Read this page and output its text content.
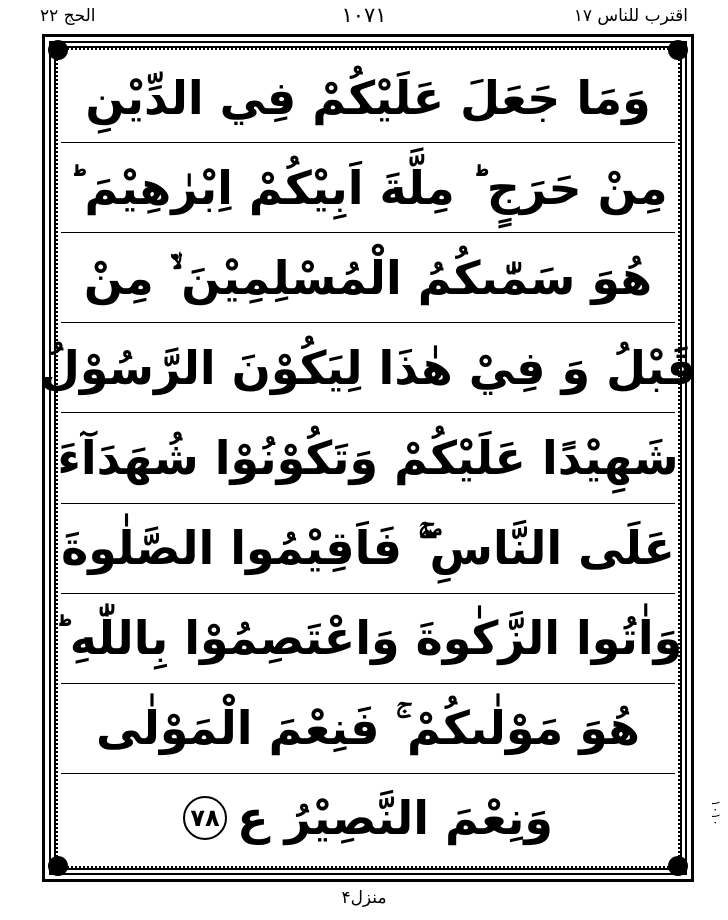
الحج ۲۲	۱۰۷۱	اقترب للناس ۱۷
وَمَا جَعَلَ عَلَيْكُمْ فِي الدِّيْنِ
مِنْ حَرَجٍ ؕ مِلَّةَ اَبِيْكُمْ اِبْرٰهِيْمَ ؕ
هُوَ سَمّٰىكُمُ الْمُسْلِمِيْنَ ۙ۬ مِنْ
قَبْلُ وَ فِيْ هٰذَا لِيَكُوْنَ الرَّسُوْلُ
شَهِيْدًا عَلَيْكُمْ وَتَكُوْنُوْا شُهَدَآءَ
عَلَى النَّاسِ ۚۖ فَاَقِيْمُوا الصَّلٰوةَ
وَاٰتُوا الزَّكٰوةَ وَاعْتَصِمُوْا بِاللّٰهِ ؕ
هُوَ مَوْلٰىكُمْ ۚ فَنِعْمَ الْمَوْلٰى
وَنِعْمَ النَّصِيْرُ ع
۷۸	١٠١٠
منزل۴
